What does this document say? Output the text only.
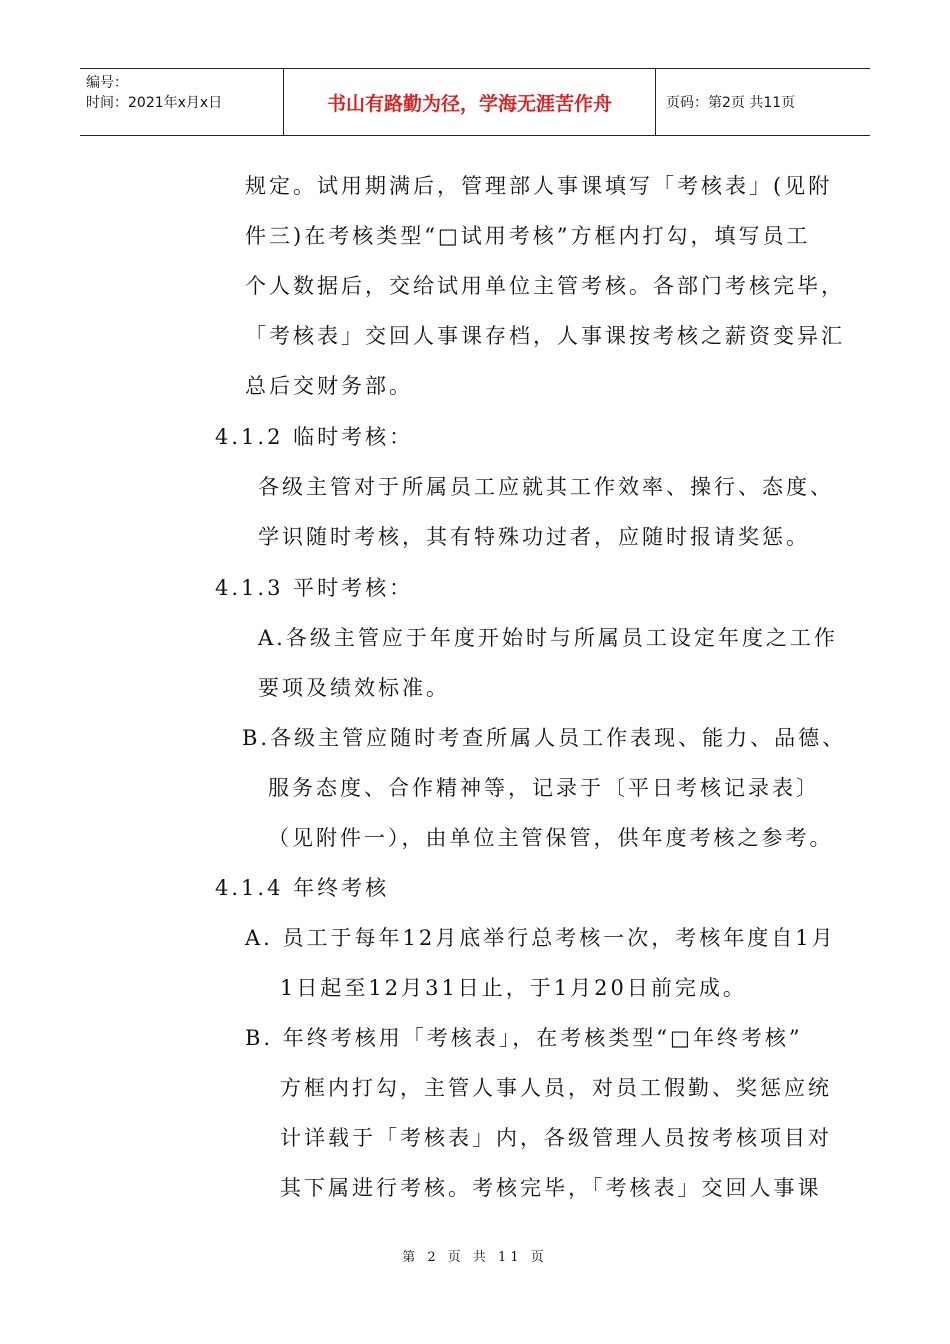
编号：
时间：2021年x月x日	书山有路勤为径，学海无涯苦作舟	页码：第2页 共11页
规定。试用期满后，管理部人事课填写「考核表」(见附
件三)在考核类型“□试用考核”方框内打勾，填写员工
个人数据后，交给试用单位主管考核。各部门考核完毕，
「考核表」交回人事课存档，人事课按考核之薪资变异汇
总后交财务部。
4.1.2 临时考核：
各级主管对于所属员工应就其工作效率、操行、态度、
学识随时考核，其有特殊功过者，应随时报请奖惩。
4.1.3 平时考核：
A.各级主管应于年度开始时与所属员工设定年度之工作
要项及绩效标准。
B.各级主管应随时考查所属人员工作表现、能力、品德、
服务态度、合作精神等，记录于〔平日考核记录表〕
（见附件一），由单位主管保管，供年度考核之参考。
4.1.4 年终考核
A. 员工于每年12月底举行总考核一次，考核年度自1月
1日起至12月31日止，于1月20日前完成。
B. 年终考核用「考核表」，在考核类型“□年终考核”
方框内打勾，主管人事人员，对员工假勤、奖惩应统
计详载于「考核表」内，各级管理人员按考核项目对
其下属进行考核。考核完毕，「考核表」交回人事课
第 2 页 共 11 页
